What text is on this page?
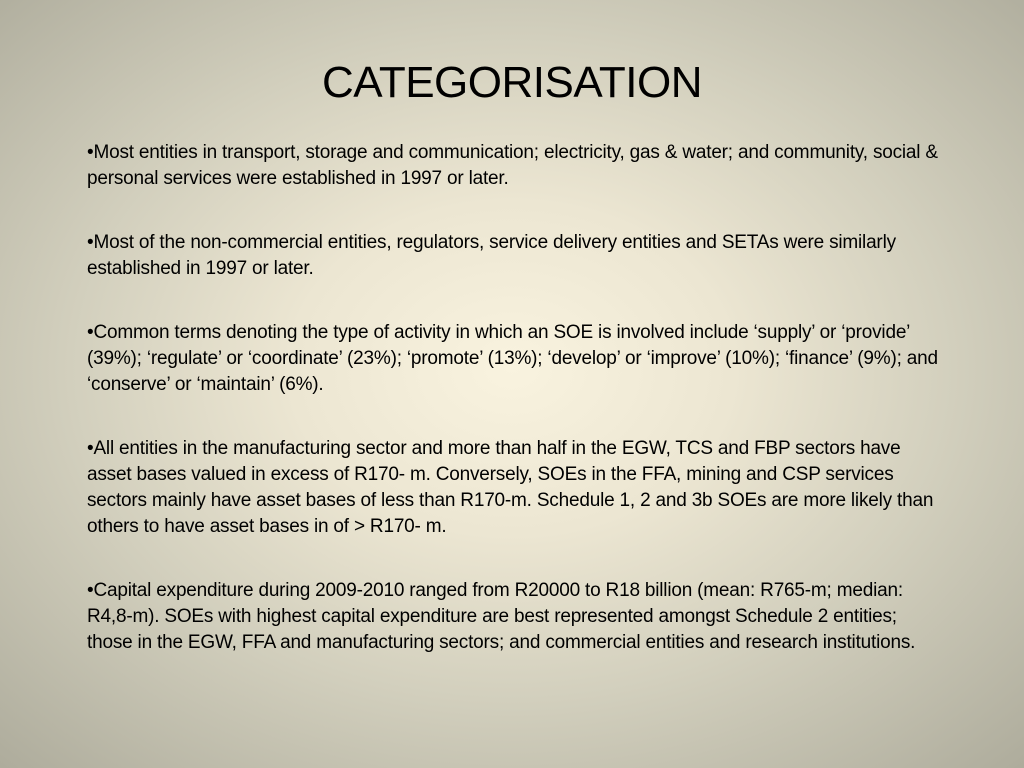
CATEGORISATION
•Most entities in transport, storage and communication; electricity, gas & water; and community, social & personal services were established in 1997 or later.
•Most of the non-commercial entities, regulators, service delivery entities and SETAs were similarly established in 1997 or later.
•Common terms denoting the type of activity in which an SOE is involved include ‘supply’ or ‘provide’ (39%); ‘regulate’ or ‘coordinate’ (23%); ‘promote’ (13%); ‘develop’ or ‘improve’ (10%); ‘finance’ (9%); and ‘conserve’ or ‘maintain’ (6%).
•All entities in the manufacturing sector and more than half in the EGW, TCS and FBP sectors have asset bases valued in excess of R170- m. Conversely, SOEs in the FFA, mining and CSP services sectors mainly have asset bases of less than R170-m. Schedule 1, 2 and 3b SOEs are more likely than others to have asset bases in of > R170- m.
•Capital expenditure during 2009-2010 ranged from R20000 to R18 billion (mean: R765-m; median: R4,8-m). SOEs with highest capital expenditure are best represented amongst Schedule 2 entities; those in the EGW, FFA and manufacturing sectors; and commercial entities and research institutions.
